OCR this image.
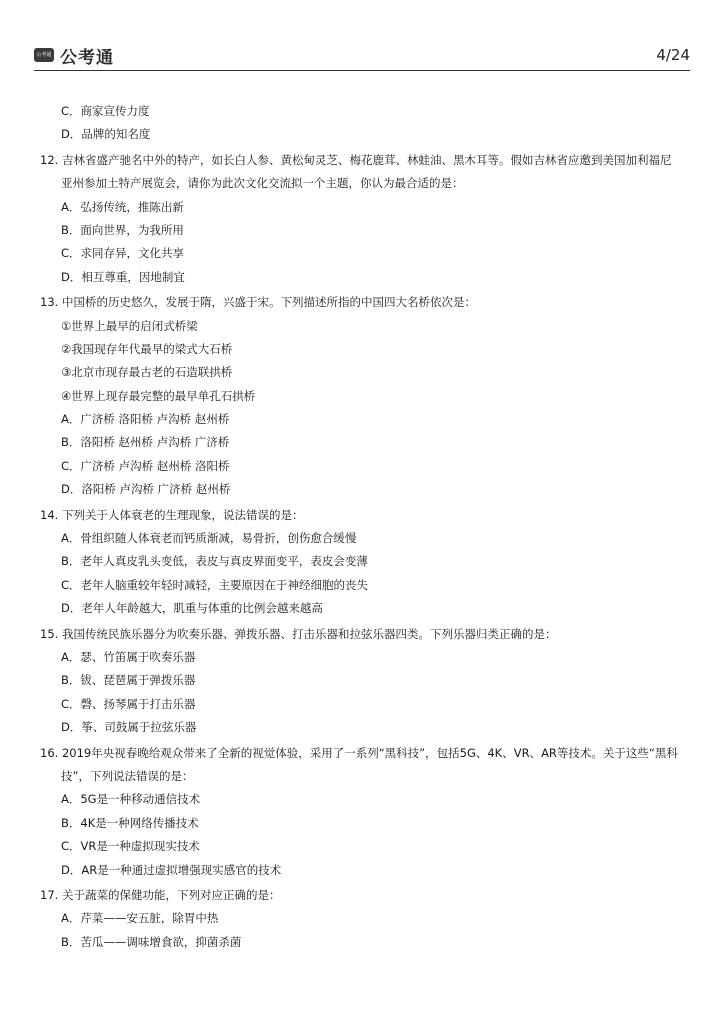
公考通 公考通	4/24
C．商家宣传力度
D．品牌的知名度
12. 吉林省盛产驰名中外的特产，如长白人参、黄松甸灵芝、梅花鹿茸、林蛙油、黑木耳等。假如吉林省应邀到美国加利福尼
亚州参加土特产展览会，请你为此次文化交流拟一个主题，你认为最合适的是：
A．弘扬传统，推陈出新
B．面向世界，为我所用
C．求同存异，文化共享
D．相互尊重，因地制宜
13. 中国桥的历史悠久，发展于隋，兴盛于宋。下列描述所指的中国四大名桥依次是：
①世界上最早的启闭式桥梁
②我国现存年代最早的梁式大石桥
③北京市现存最古老的石造联拱桥
④世界上现存最完整的最早单孔石拱桥
A．广济桥 洛阳桥 卢沟桥 赵州桥
B．洛阳桥 赵州桥 卢沟桥 广济桥
C．广济桥 卢沟桥 赵州桥 洛阳桥
D．洛阳桥 卢沟桥 广济桥 赵州桥
14. 下列关于人体衰老的生理现象，说法错误的是：
A．骨组织随人体衰老而钙质渐减，易骨折，创伤愈合缓慢
B．老年人真皮乳头变低，表皮与真皮界面变平，表皮会变薄
C．老年人脑重较年轻时减轻，主要原因在于神经细胞的丧失
D．老年人年龄越大，肌重与体重的比例会越来越高
15. 我国传统民族乐器分为吹奏乐器、弹拨乐器、打击乐器和拉弦乐器四类。下列乐器归类正确的是：
A．瑟、竹笛属于吹奏乐器
B．钹、琵琶属于弹拨乐器
C．磬、扬琴属于打击乐器
D．筝、司鼓属于拉弦乐器
16. 2019年央视春晚给观众带来了全新的视觉体验，采用了一系列“黑科技”，包括5G、4K、VR、AR等技术。关于这些“黑科
技”，下列说法错误的是：
A．5G是一种移动通信技术
B．4K是一种网络传播技术
C．VR是一种虚拟现实技术
D．AR是一种通过虚拟增强现实感官的技术
17. 关于蔬菜的保健功能，下列对应正确的是：
A．芹菜——安五脏，除胃中热
B．苦瓜——调味增食欲，抑菌杀菌
